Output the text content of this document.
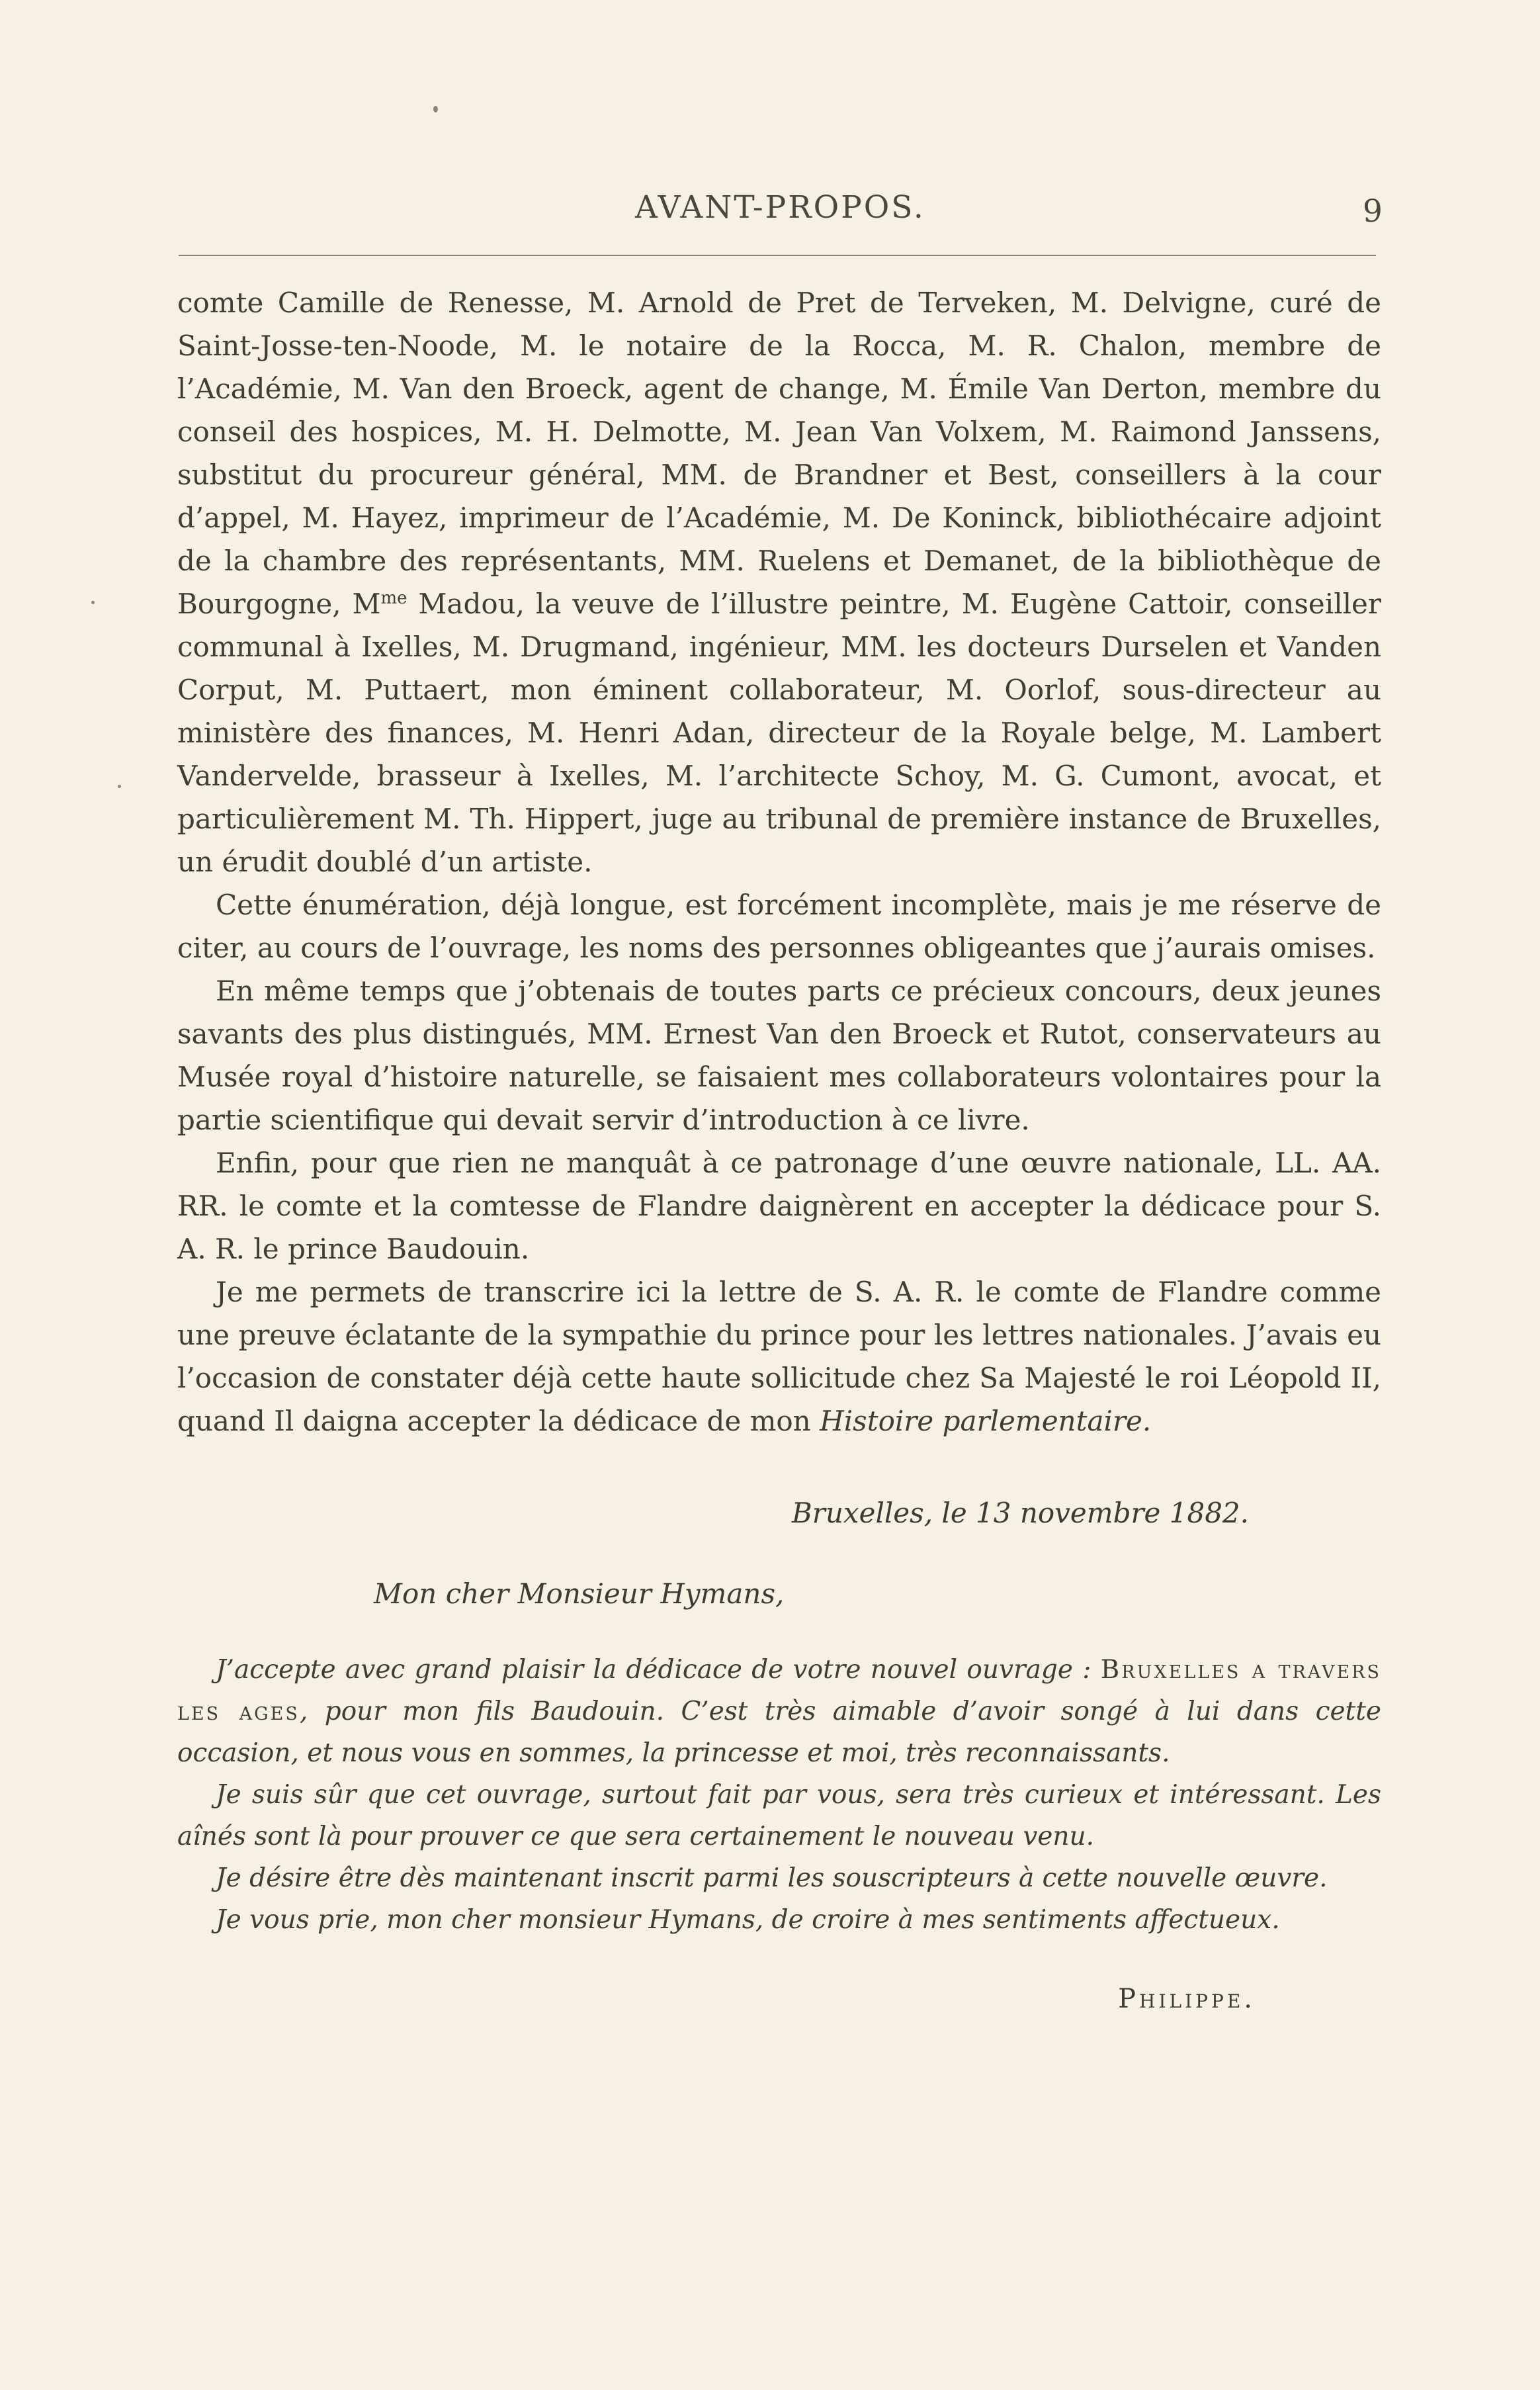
AVANT-PROPOS.	9

comte Camille de Renesse, M. Arnold de Pret de Terveken, M. Delvigne, curé de Saint-Josse-ten-Noode, M. le notaire de la Rocca, M. R. Chalon, membre de l’Académie, M. Van den Broeck, agent de change, M. Émile Van Derton, membre du conseil des hospices, M. H. Delmotte, M. Jean Van Volxem, M. Raimond Janssens, substitut du procureur général, MM. de Brandner et Best, conseillers à la cour d’appel, M. Hayez, imprimeur de l’Académie, M. De Koninck, bibliothécaire adjoint de la chambre des représentants, MM. Ruelens et Demanet, de la bibliothèque de Bourgogne, $M^{me}$ Madou, la veuve de l’illustre peintre, M. Eugène Cattoir, conseiller communal à Ixelles, M. Drugmand, ingénieur, MM. les docteurs Durselen et Vanden Corput, M. Puttaert, mon éminent collaborateur, M. Oorlof, sous-directeur au ministère des finances, M. Henri Adan, directeur de la Royale belge, M. Lambert Vandervelde, brasseur à Ixelles, M. l’architecte Schoy, M. G. Cumont, avocat, et particulièrement M. Th. Hippert, juge au tribunal de première instance de Bruxelles, un érudit doublé d’un artiste.

Cette énumération, déjà longue, est forcément incomplète, mais je me réserve de citer, au cours de l’ouvrage, les noms des personnes obligeantes que j’aurais omises.

En même temps que j’obtenais de toutes parts ce précieux concours, deux jeunes savants des plus distingués, MM. Ernest Van den Broeck et Rutot, conservateurs au Musée royal d’histoire naturelle, se faisaient mes collaborateurs volontaires pour la partie scientifique qui devait servir d’introduction à ce livre.

Enfin, pour que rien ne manquât à ce patronage d’une œuvre nationale, LL. AA. RR. le comte et la comtesse de Flandre daignèrent en accepter la dédicace pour S. A. R. le prince Baudouin.

Je me permets de transcrire ici la lettre de S. A. R. le comte de Flandre comme une preuve éclatante de la sympathie du prince pour les lettres nationales. J’avais eu l’occasion de constater déjà cette haute sollicitude chez Sa Majesté le roi Léopold II, quand Il daigna accepter la dédicace de mon Histoire parlementaire.

Bruxelles, le 13 novembre 1882.
Mon cher Monsieur Hymans,

J’accepte avec grand plaisir la dédicace de votre nouvel ouvrage : Bruxelles a travers les ages, pour mon fils Baudouin. C’est très aimable d’avoir songé à lui dans cette occasion, et nous vous en sommes, la princesse et moi, très reconnaissants.

Je suis sûr que cet ouvrage, surtout fait par vous, sera très curieux et intéressant. Les aînés sont là pour prouver ce que sera certainement le nouveau venu.

Je désire être dès maintenant inscrit parmi les souscripteurs à cette nouvelle œuvre.

Je vous prie, mon cher monsieur Hymans, de croire à mes sentiments affectueux.

Philippe.
